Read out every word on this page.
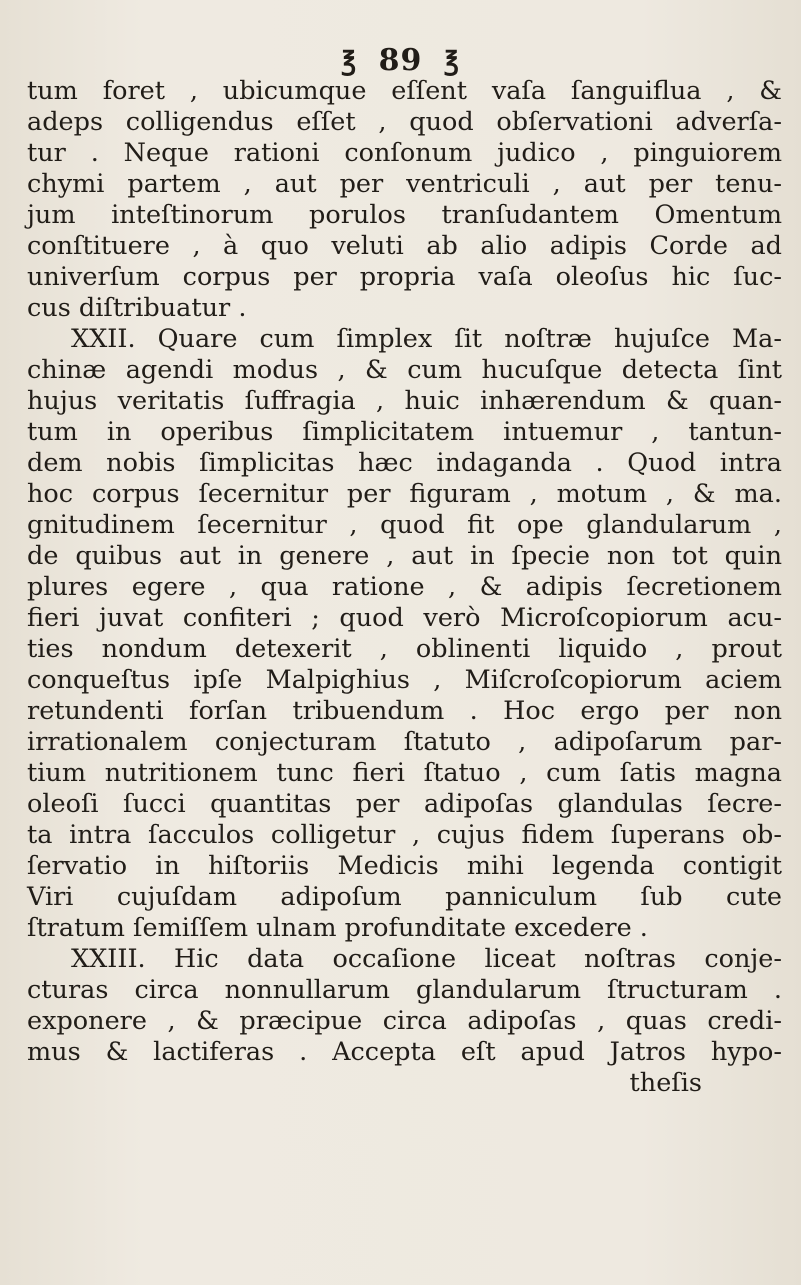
℥ 89 ℥
tum foret , ubicumque eſſent vaſa ſanguiflua , &
adeps colligendus eſſet , quod obſervationi adverſa-
tur . Neque rationi conſonum judico , pinguiorem
chymi partem , aut per ventriculi , aut per tenu-
jum inteſtinorum porulos tranſudantem Omentum
conſtituere , à quo veluti ab alio adipis Corde ad
univerſum corpus per propria vaſa oleoſus hic ſuc-
cus diſtribuatur .
XXII. Quare cum ſimplex ſit noſtræ hujuſce Ma-
chinæ agendi modus , & cum hucuſque detecta ſint
hujus veritatis ſuffragia , huic inhærendum & quan-
tum in operibus ſimplicitatem intuemur , tantun-
dem nobis ſimplicitas hæc indaganda . Quod intra
hoc corpus ſecernitur per figuram , motum , & ma.
gnitudinem ſecernitur , quod fit ope glandularum ,
de quibus aut in genere , aut in ſpecie non tot quin
plures egere , qua ratione , & adipis ſecretionem
fieri juvat confiteri ; quod verò Microſcopiorum acu-
ties nondum detexerit , oblinenti liquido , prout
conqueſtus ipſe Malpighius , Miſcroſcopiorum aciem
retundenti forſan tribuendum . Hoc ergo per non
irrationalem conjecturam ſtatuto , adipoſarum par-
tium nutritionem tunc fieri ſtatuo , cum ſatis magna
oleoſi ſucci quantitas per adipoſas glandulas ſecre-
ta intra ſacculos colligetur , cujus fidem ſuperans ob-
ſervatio in hiſtoriis Medicis mihi legenda contigit
Viri cujuſdam adipoſum panniculum ſub cute
ſtratum ſemiſſem ulnam profunditate excedere .
XXIII. Hic data occaſione liceat noſtras conje-
cturas circa nonnullarum glandularum ſtructuram .
exponere , & præcipue circa adipoſas , quas credi-
mus & lactiferas . Accepta eſt apud Jatros hypo-
theſis
